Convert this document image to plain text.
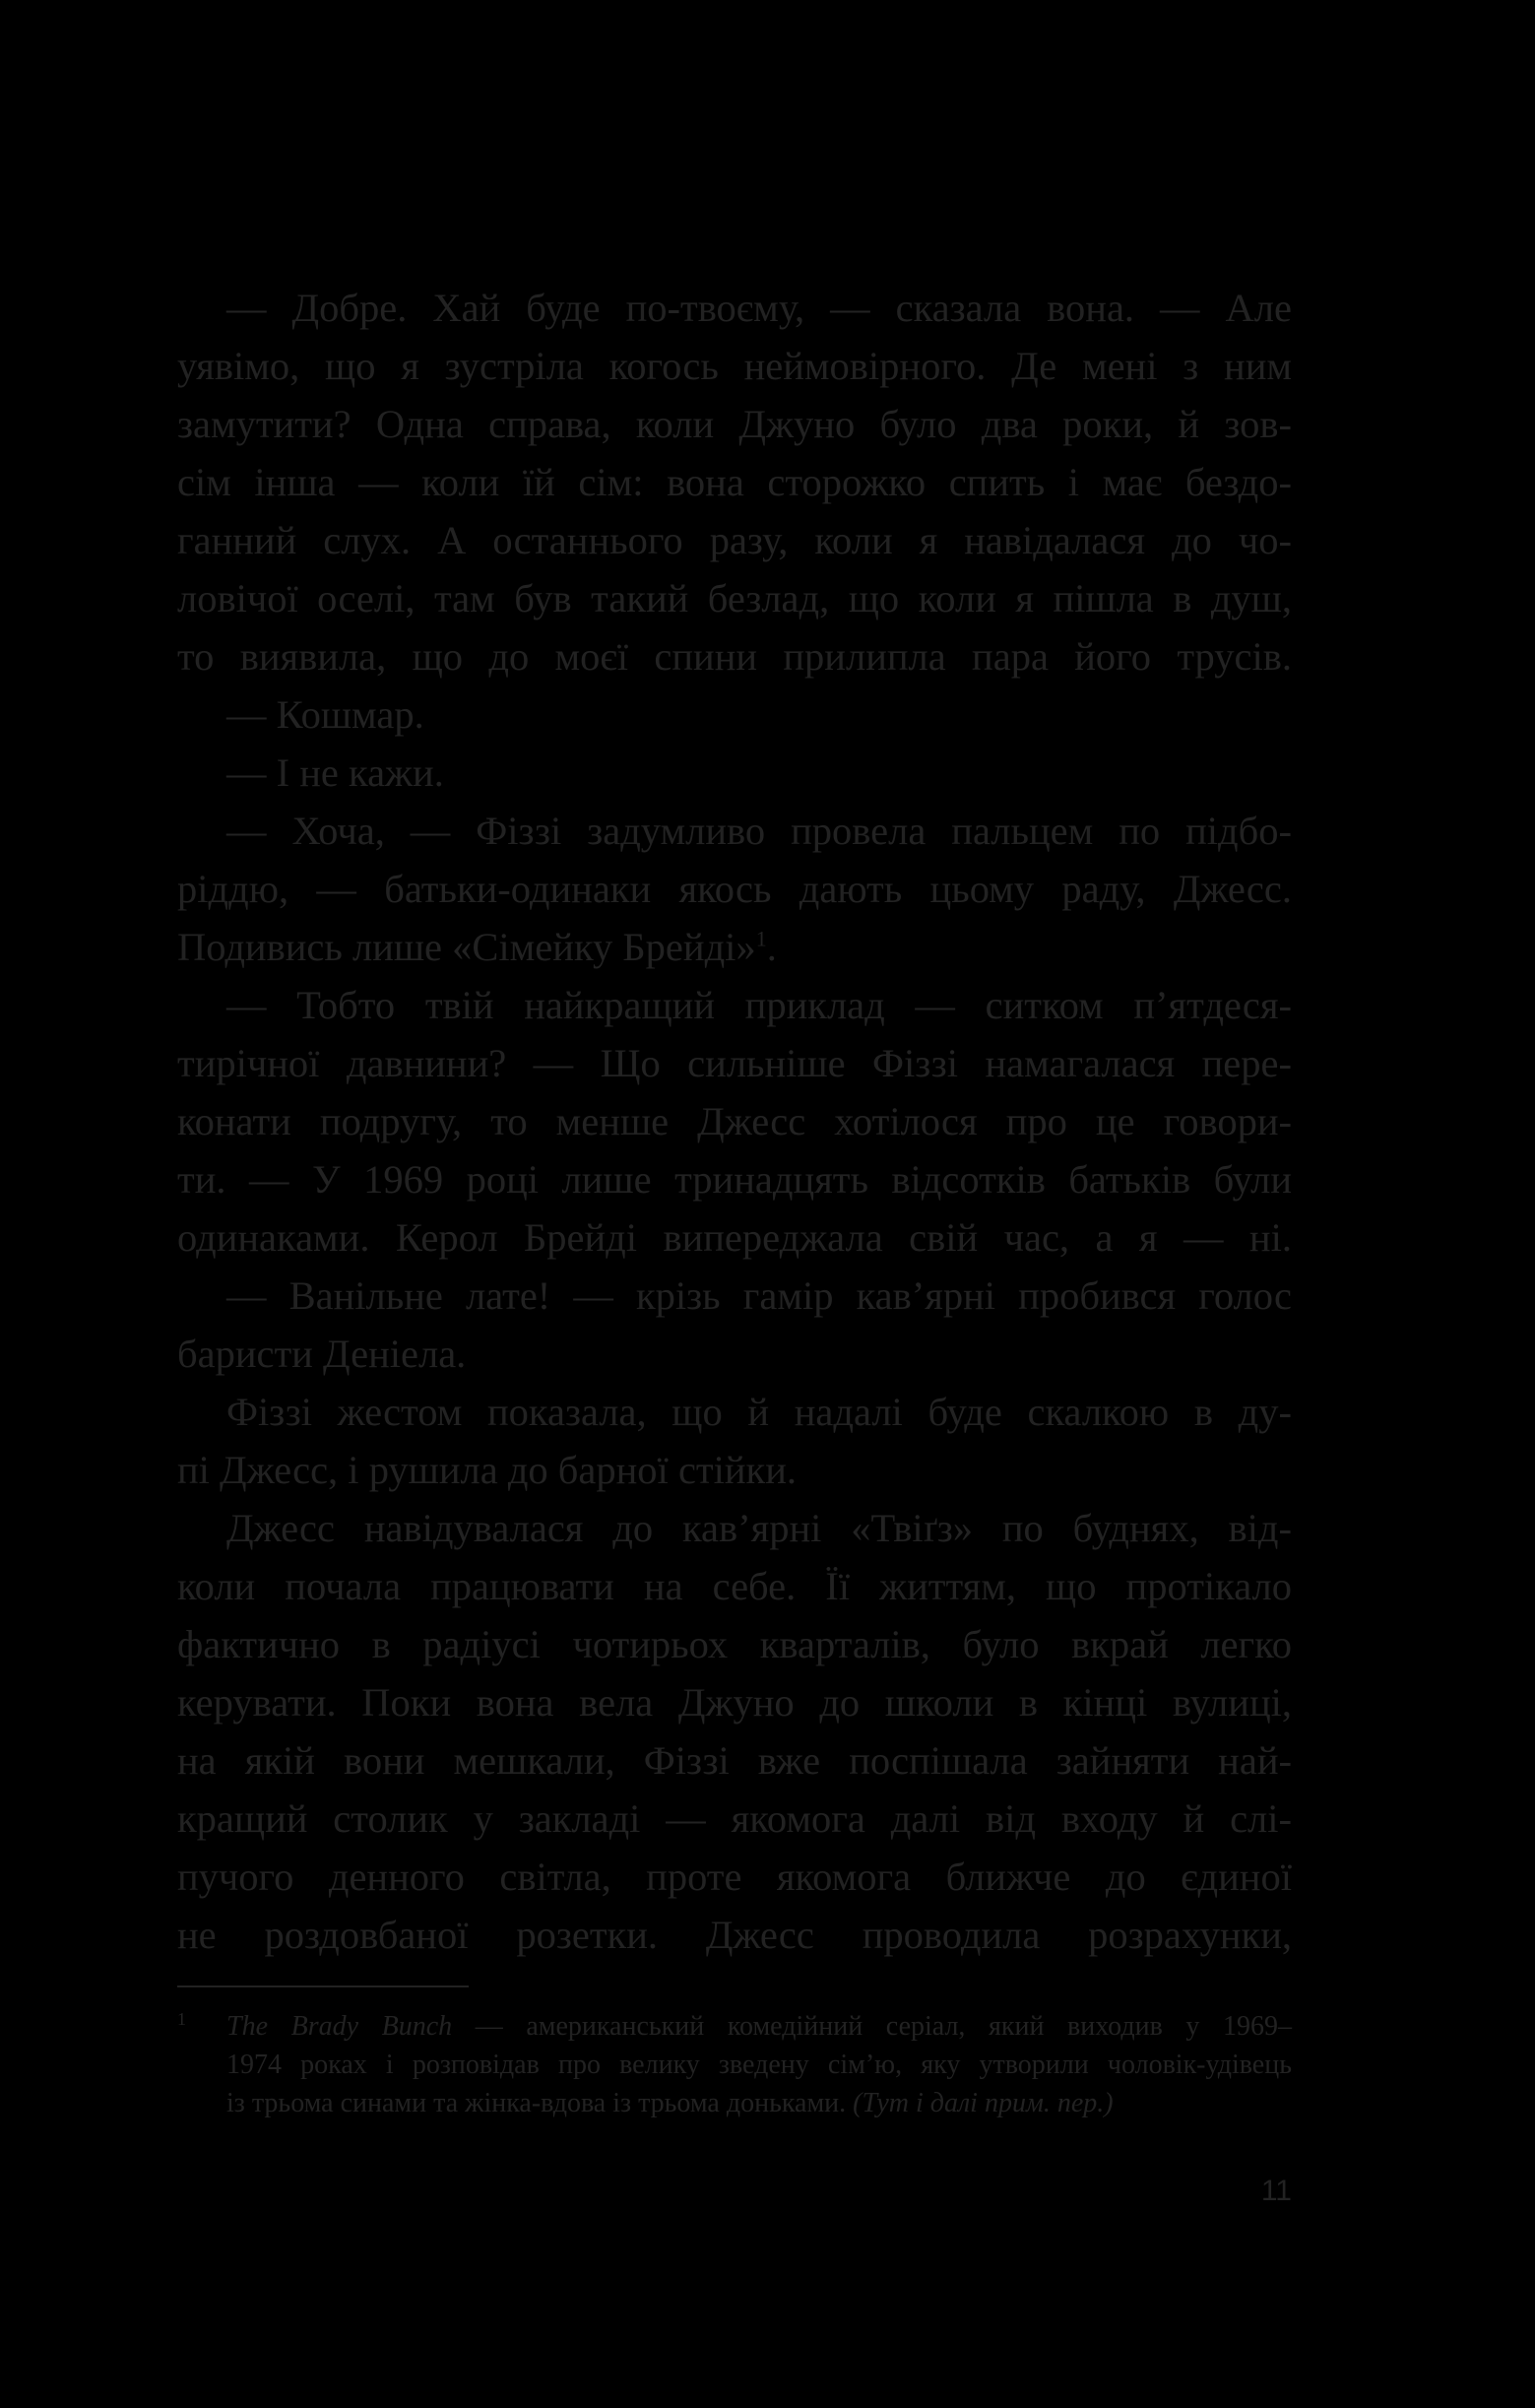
— Добре. Хай буде по-твоєму, — сказала вона. — Але
уявімо, що я зустріла когось неймовірного. Де мені з ним
замутити? Одна справа, коли Джуно було два роки, й зов-
сім інша — коли їй сім: вона сторожко спить і має бездо-
ганний слух. А останнього разу, коли я навідалася до чо-
ловічої оселі, там був такий безлад, що коли я пішла в душ,
то виявила, що до моєї спини прилипла пара його трусів.
— Кошмар.
— І не кажи.
— Хоча, — Фіззі задумливо провела пальцем по підбо-
ріддю, — батьки-одинаки якось дають цьому раду, Джесс.
Подивись лише «Сімейку Брейді»$^1$.
— Тобто твій найкращий приклад — ситком п’ятдеся-
тирічної давнини? — Що сильніше Фіззі намагалася пере-
конати подругу, то менше Джесс хотілося про це говори-
ти. — У 1969 році лише тринадцять відсотків батьків були
одинаками. Керол Брейді випереджала свій час, а я — ні.
— Ванільне лате! — крізь гамір кав’ярні пробився голос
баристи Деніела.
Фіззі жестом показала, що й надалі буде скалкою в ду-
пі Джесс, і рушила до барної стійки.
Джесс навідувалася до кав’ярні «Твіґз» по буднях, від-
коли почала працювати на себе. Її життям, що протікало
фактично в радіусі чотирьох кварталів, було вкрай легко
керувати. Поки вона вела Джуно до школи в кінці вулиці,
на якій вони мешкали, Фіззі вже поспішала зайняти най-
кращий столик у закладі — якомога далі від входу й слі-
пучого денного світла, проте якомога ближче до єдиної
не роздовбаної розетки. Джесс проводила розрахунки,
1 The Brady Bunch — американський комедійний серіал, який виходив у 1969–
1974 роках і розповідав про велику зведену сім’ю, яку утворили чоловік-удівець
із трьома синами та жінка-вдова із трьома доньками. (Тут і далі прим. пер.)
11
